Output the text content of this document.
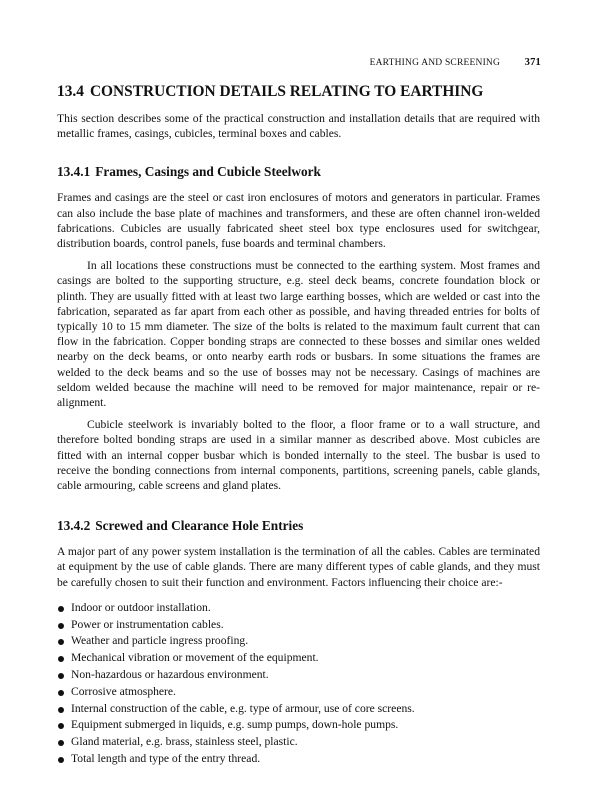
EARTHING AND SCREENING 371
13.4 CONSTRUCTION DETAILS RELATING TO EARTHING

This section describes some of the practical construction and installation details that are required with metallic frames, casings, cubicles, terminal boxes and cables.

13.4.1 Frames, Casings and Cubicle Steelwork

Frames and casings are the steel or cast iron enclosures of motors and generators in particular. Frames can also include the base plate of machines and transformers, and these are often channel iron-welded fabrications. Cubicles are usually fabricated sheet steel box type enclosures used for switchgear, distribution boards, control panels, fuse boards and terminal chambers.

In all locations these constructions must be connected to the earthing system. Most frames and casings are bolted to the supporting structure, e.g. steel deck beams, concrete foundation block or plinth. They are usually fitted with at least two large earthing bosses, which are welded or cast into the fabrication, separated as far apart from each other as possible, and having threaded entries for bolts of typically 10 to 15 mm diameter. The size of the bolts is related to the maximum fault current that can flow in the fabrication. Copper bonding straps are connected to these bosses and similar ones welded nearby on the deck beams, or onto nearby earth rods or busbars. In some situations the frames are welded to the deck beams and so the use of bosses may not be necessary. Casings of machines are seldom welded because the machine will need to be removed for major maintenance, repair or re-alignment.

Cubicle steelwork is invariably bolted to the floor, a floor frame or to a wall structure, and therefore bolted bonding straps are used in a similar manner as described above. Most cubicles are fitted with an internal copper busbar which is bonded internally to the steel. The busbar is used to receive the bonding connections from internal components, partitions, screening panels, cable glands, cable armouring, cable screens and gland plates.

13.4.2 Screwed and Clearance Hole Entries

A major part of any power system installation is the termination of all the cables. Cables are terminated at equipment by the use of cable glands. There are many different types of cable glands, and they must be carefully chosen to suit their function and environment. Factors influencing their choice are:-

Indoor or outdoor installation.
Power or instrumentation cables.
Weather and particle ingress proofing.
Mechanical vibration or movement of the equipment.
Non-hazardous or hazardous environment.
Corrosive atmosphere.
Internal construction of the cable, e.g. type of armour, use of core screens.
Equipment submerged in liquids, e.g. sump pumps, down-hole pumps.
Gland material, e.g. brass, stainless steel, plastic.
Total length and type of the entry thread.
